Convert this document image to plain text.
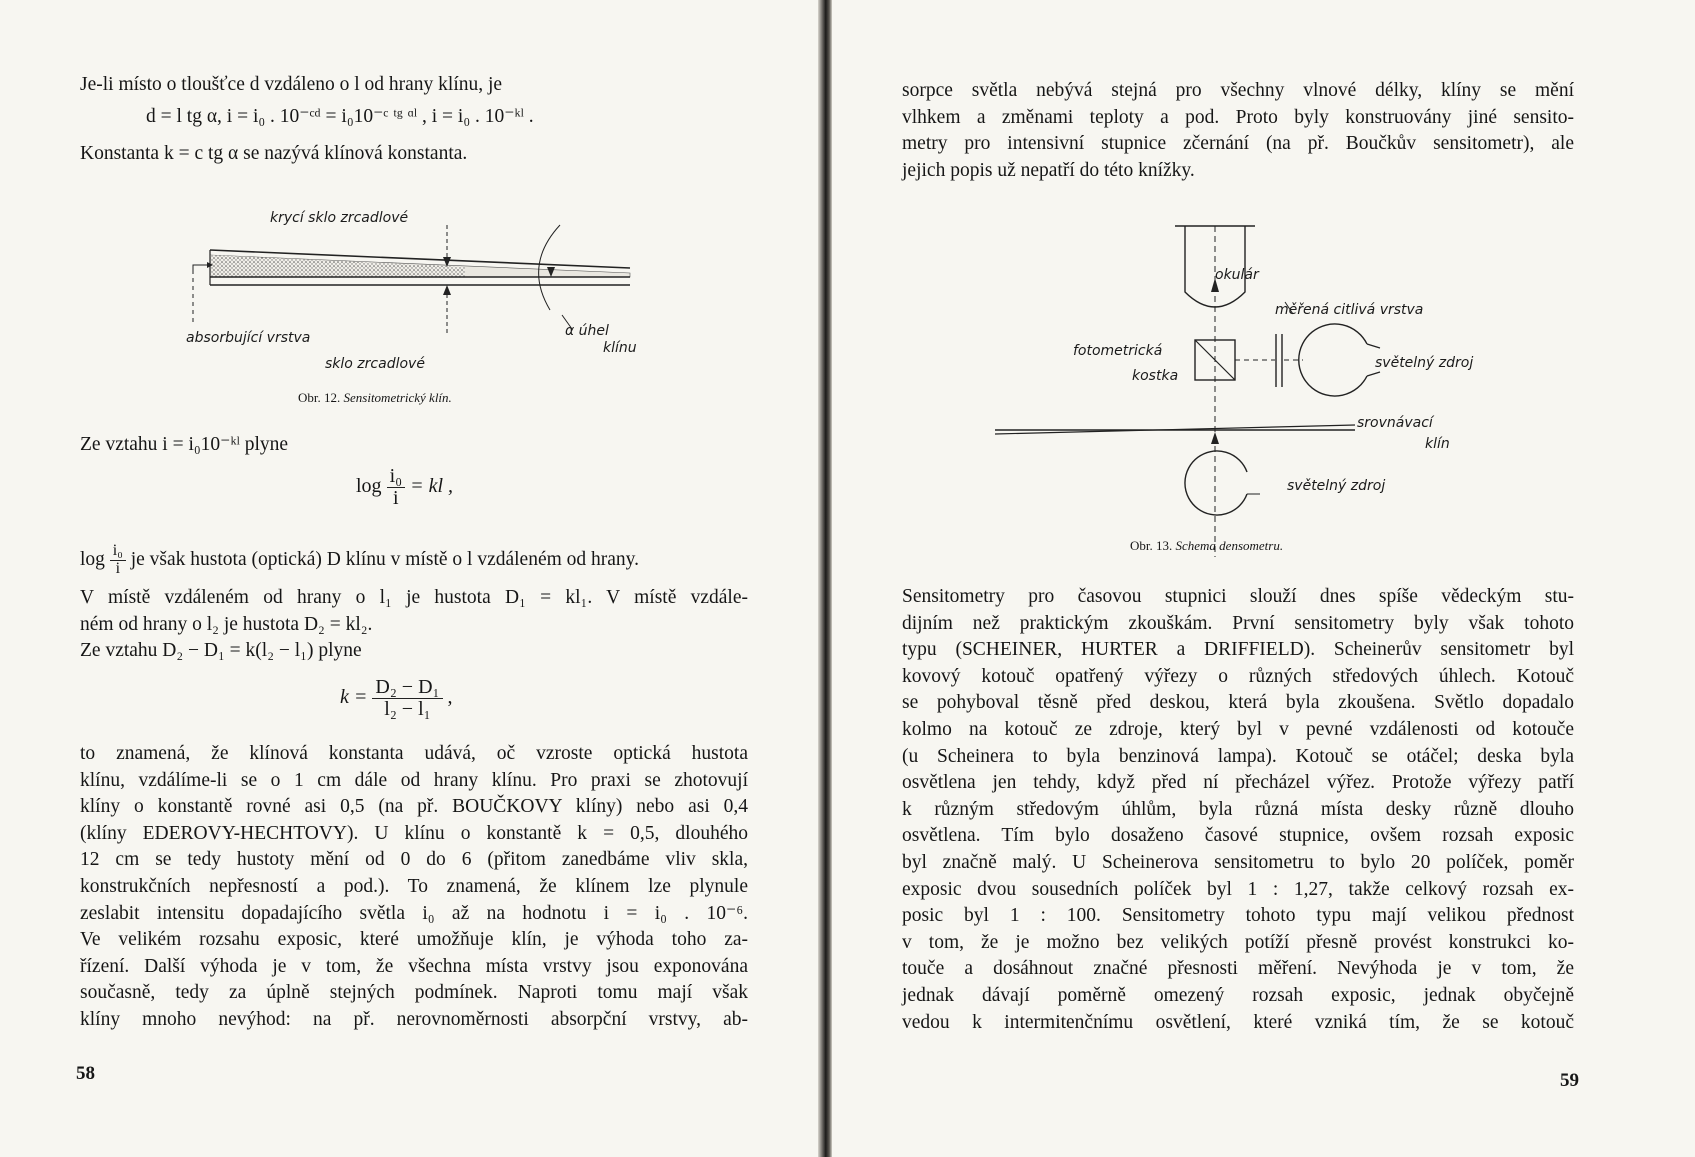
Je-li místo o tloušťce d vzdáleno o l od hrany klínu, je
d = l tg α, i = i₀ . 10⁻ᶜᵈ = i₀10⁻ᶜ ᵗᵍ ᵅˡ , i = i₀ . 10⁻ᵏˡ .
Konstanta k = c tg α se nazývá klínová konstanta.
krycí sklo zrcadlové
absorbující vrstva
sklo zrcadlové
α úhel
klínu
Obr. 12. Sensitometrický klín.
Ze vztahu i = i₀10⁻ᵏˡ plyne
$\log \frac{\text{i₀}}{i}$ = kl ,
$\log \frac{\text{i₀}}{i}$ je však hustota (optická) D klínu v místě o l vzdáleném od hrany.
V místě vzdáleném od hrany o l₁ je hustota D₁ = kl₁. V místě vzdále-
ném od hrany o l₂ je hustota D₂ = kl₂.
Ze vztahu D₂ − D₁ = k(l₂ − l₁) plyne
$k = \frac{\text{D₂ − D₁}}{\text{l₂ − l₁}}$ ,
to znamená, že klínová konstanta udává, oč vzroste optická hustota
klínu, vzdálíme-li se o 1 cm dále od hrany klínu. Pro praxi se zhotovují
klíny o konstantě rovné asi 0,5 (na př. BOUČKOVY klíny) nebo asi 0,4
(klíny EDEROVY-HECHTOVY). U klínu o konstantě k = 0,5, dlouhého
12 cm se tedy hustoty mění od 0 do 6 (přitom zanedbáme vliv skla,
konstrukčních nepřesností a pod.). To znamená, že klínem lze plynule
zeslabit intensitu dopadajícího světla i₀ až na hodnotu i = i₀ . 10⁻⁶.
Ve velikém rozsahu exposic, které umožňuje klín, je výhoda toho za-
řízení. Další výhoda je v tom, že všechna místa vrstvy jsou exponována
současně, tedy za úplně stejných podmínek. Naproti tomu mají však
klíny mnoho nevýhod: na př. nerovnoměrnosti absorpční vrstvy, ab-
58
sorpce světla nebývá stejná pro všechny vlnové délky, klíny se mění
vlhkem a změnami teploty a pod. Proto byly konstruovány jiné sensito-
metry pro intensivní stupnice zčernání (na př. Boučkův sensitometr), ale
jejich popis už nepatří do této knížky.
okulár
měřená citlivá vrstva
fotometrická
kostka
světelný zdroj
srovnávací
klín
světelný zdroj
Obr. 13. Schema densometru.
Sensitometry pro časovou stupnici slouží dnes spíše vědeckým stu-
dijním než praktickým zkouškám. První sensitometry byly však tohoto
typu (SCHEINER, HURTER a DRIFFIELD). Scheinerův sensitometr byl
kovový kotouč opatřený výřezy o různých středových úhlech. Kotouč
se pohyboval těsně před deskou, která byla zkoušena. Světlo dopadalo
kolmo na kotouč ze zdroje, který byl v pevné vzdálenosti od kotouče
(u Scheinera to byla benzinová lampa). Kotouč se otáčel; deska byla
osvětlena jen tehdy, když před ní přecházel výřez. Protože výřezy patří
k různým středovým úhlům, byla různá místa desky různě dlouho
osvětlena. Tím bylo dosaženo časové stupnice, ovšem rozsah exposic
byl značně malý. U Scheinerova sensitometru to bylo 20 políček, poměr
exposic dvou sousedních políček byl 1 : 1,27, takže celkový rozsah ex-
posic byl 1 : 100. Sensitometry tohoto typu mají velikou přednost
v tom, že je možno bez velikých potíží přesně provést konstrukci ko-
touče a dosáhnout značné přesnosti měření. Nevýhoda je v tom, že
jednak dávají poměrně omezený rozsah exposic, jednak obyčejně
vedou k intermitenčnímu osvětlení, které vzniká tím, že se kotouč
59
